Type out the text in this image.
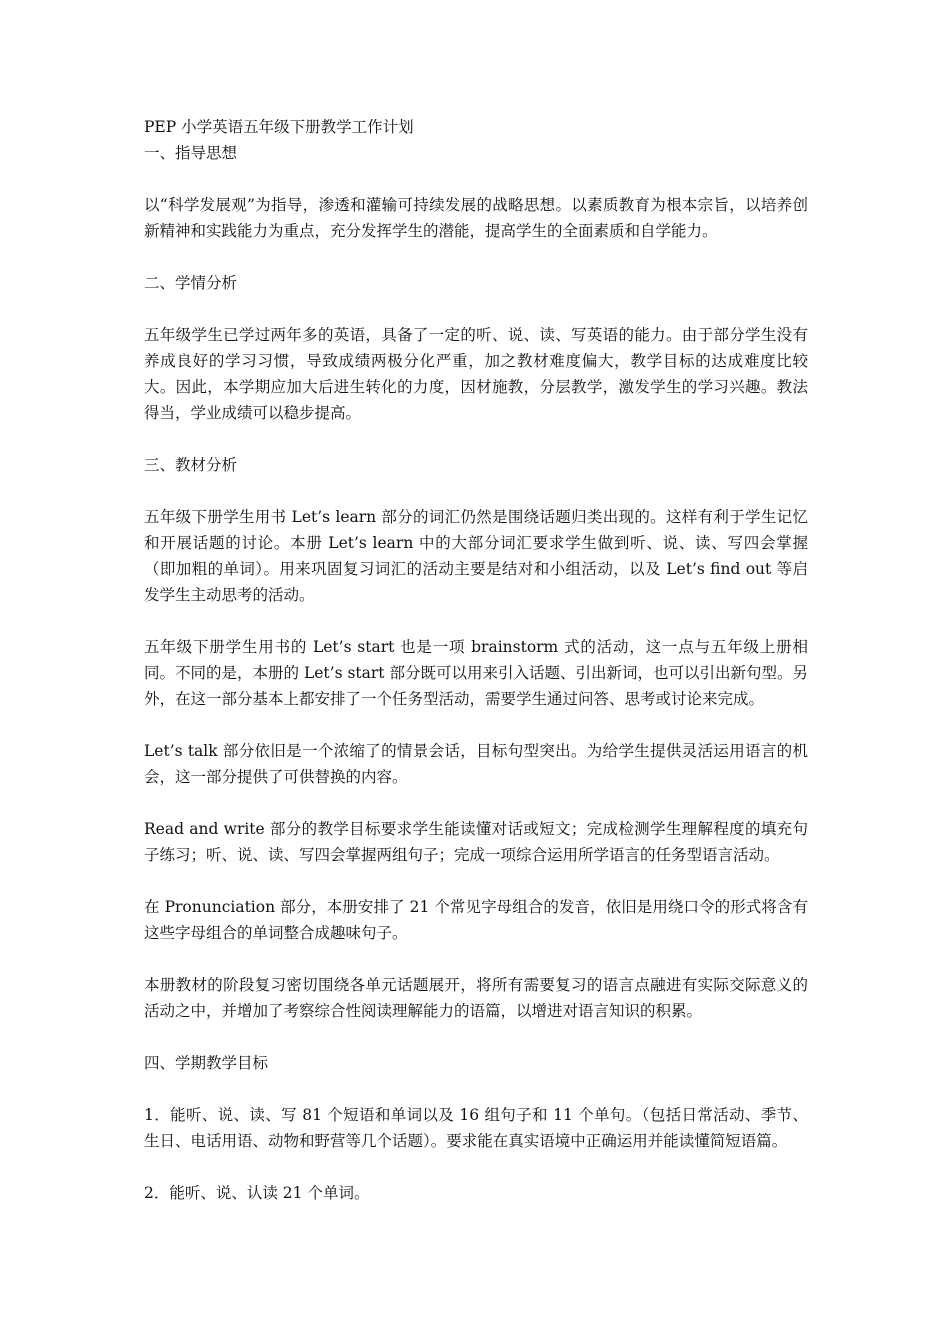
PEP 小学英语五年级下册教学工作计划

一、指导思想

以“科学发展观”为指导，渗透和灌输可持续发展的战略思想。以素质教育为根本宗旨，以培养创新精神和实践能力为重点，充分发挥学生的潜能，提高学生的全面素质和自学能力。

二、学情分析

五年级学生已学过两年多的英语，具备了一定的听、说、读、写英语的能力。由于部分学生没有养成良好的学习习惯，导致成绩两极分化严重，加之教材难度偏大，教学目标的达成难度比较大。因此，本学期应加大后进生转化的力度，因材施教，分层教学，激发学生的学习兴趣。教法得当，学业成绩可以稳步提高。

三、教材分析

五年级下册学生用书 Let’s learn 部分的词汇仍然是围绕话题归类出现的。这样有利于学生记忆和开展话题的讨论。本册 Let’s learn 中的大部分词汇要求学生做到听、说、读、写四会掌握（即加粗的单词）。用来巩固复习词汇的活动主要是结对和小组活动，以及 Let’s find out 等启发学生主动思考的活动。

五年级下册学生用书的 Let’s start 也是一项 brainstorm 式的活动，这一点与五年级上册相同。不同的是，本册的 Let’s start 部分既可以用来引入话题、引出新词，也可以引出新句型。另外，在这一部分基本上都安排了一个任务型活动，需要学生通过问答、思考或讨论来完成。

Let’s talk 部分依旧是一个浓缩了的情景会话，目标句型突出。为给学生提供灵活运用语言的机会，这一部分提供了可供替换的内容。

Read and write 部分的教学目标要求学生能读懂对话或短文；完成检测学生理解程度的填充句子练习；听、说、读、写四会掌握两组句子；完成一项综合运用所学语言的任务型语言活动。

在 Pronunciation 部分，本册安排了 21 个常见字母组合的发音，依旧是用绕口令的形式将含有这些字母组合的单词整合成趣味句子。

本册教材的阶段复习密切围绕各单元话题展开，将所有需要复习的语言点融进有实际交际意义的活动之中，并增加了考察综合性阅读理解能力的语篇，以增进对语言知识的积累。

四、学期教学目标

1．能听、说、读、写 81 个短语和单词以及 16 组句子和 11 个单句。（包括日常活动、季节、生日、电话用语、动物和野营等几个话题）。要求能在真实语境中正确运用并能读懂简短语篇。

2．能听、说、认读 21 个单词。
